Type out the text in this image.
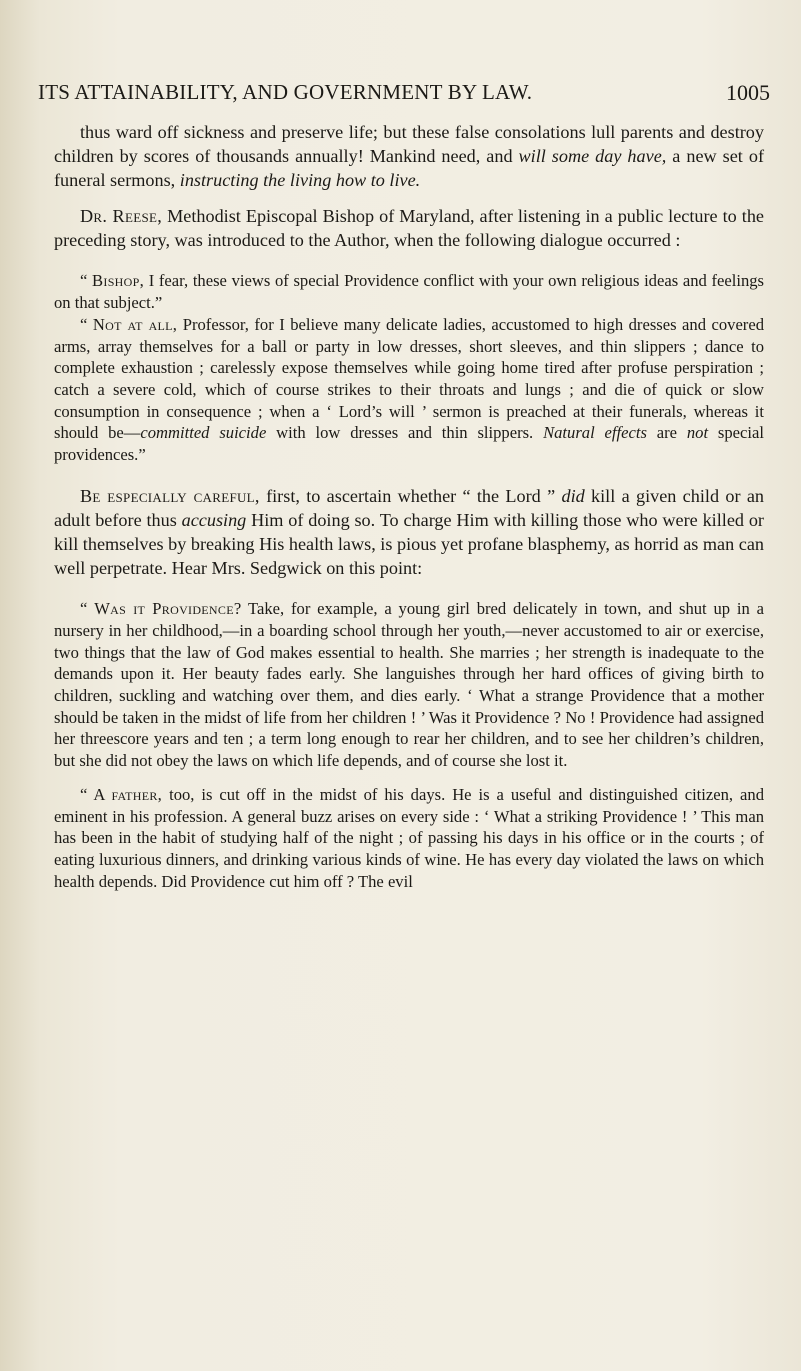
ITS ATTAINABILITY, AND GOVERNMENT BY LAW.	1005

thus ward off sickness and preserve life; but these false consolations lull parents and destroy children by scores of thousands annually! Mankind need, and will some day have, a new set of funeral sermons, instructing the living how to live.

Dr. Reese, Methodist Episcopal Bishop of Maryland, after listening in a public lecture to the preceding story, was introduced to the Author, when the following dialogue occurred :

“ Bishop, I fear, these views of special Providence conflict with your own religious ideas and feelings on that subject.”

“ Not at all, Professor, for I believe many delicate ladies, accustomed to high dresses and covered arms, array themselves for a ball or party in low dresses, short sleeves, and thin slippers ; dance to complete exhaustion ; carelessly expose themselves while going home tired after profuse perspiration ; catch a severe cold, which of course strikes to their throats and lungs ; and die of quick or slow consumption in consequence ; when a ‘ Lord’s will ’ sermon is preached at their funerals, whereas it should be—committed suicide with low dresses and thin slippers. Natural effects are not special providences.”

Be especially careful, first, to ascertain whether “ the Lord ” did kill a given child or an adult before thus accusing Him of doing so. To charge Him with killing those who were killed or kill themselves by breaking His health laws, is pious yet profane blasphemy, as horrid as man can well perpetrate. Hear Mrs. Sedgwick on this point:

“ Was it Providence? Take, for example, a young girl bred delicately in town, and shut up in a nursery in her childhood,—in a boarding school through her youth,—never accustomed to air or exercise, two things that the law of God makes essential to health. She marries ; her strength is inadequate to the demands upon it. Her beauty fades early. She languishes through her hard offices of giving birth to children, suckling and watching over them, and dies early. ‘ What a strange Providence that a mother should be taken in the midst of life from her children ! ’ Was it Providence ? No ! Providence had assigned her threescore years and ten ; a term long enough to rear her children, and to see her children’s children, but she did not obey the laws on which life depends, and of course she lost it.

“ A father, too, is cut off in the midst of his days. He is a useful and distinguished citizen, and eminent in his profession. A general buzz arises on every side : ‘ What a striking Providence ! ’ This man has been in the habit of studying half of the night ; of passing his days in his office or in the courts ; of eating luxurious dinners, and drinking various kinds of wine. He has every day violated the laws on which health depends. Did Providence cut him off ? The evil
